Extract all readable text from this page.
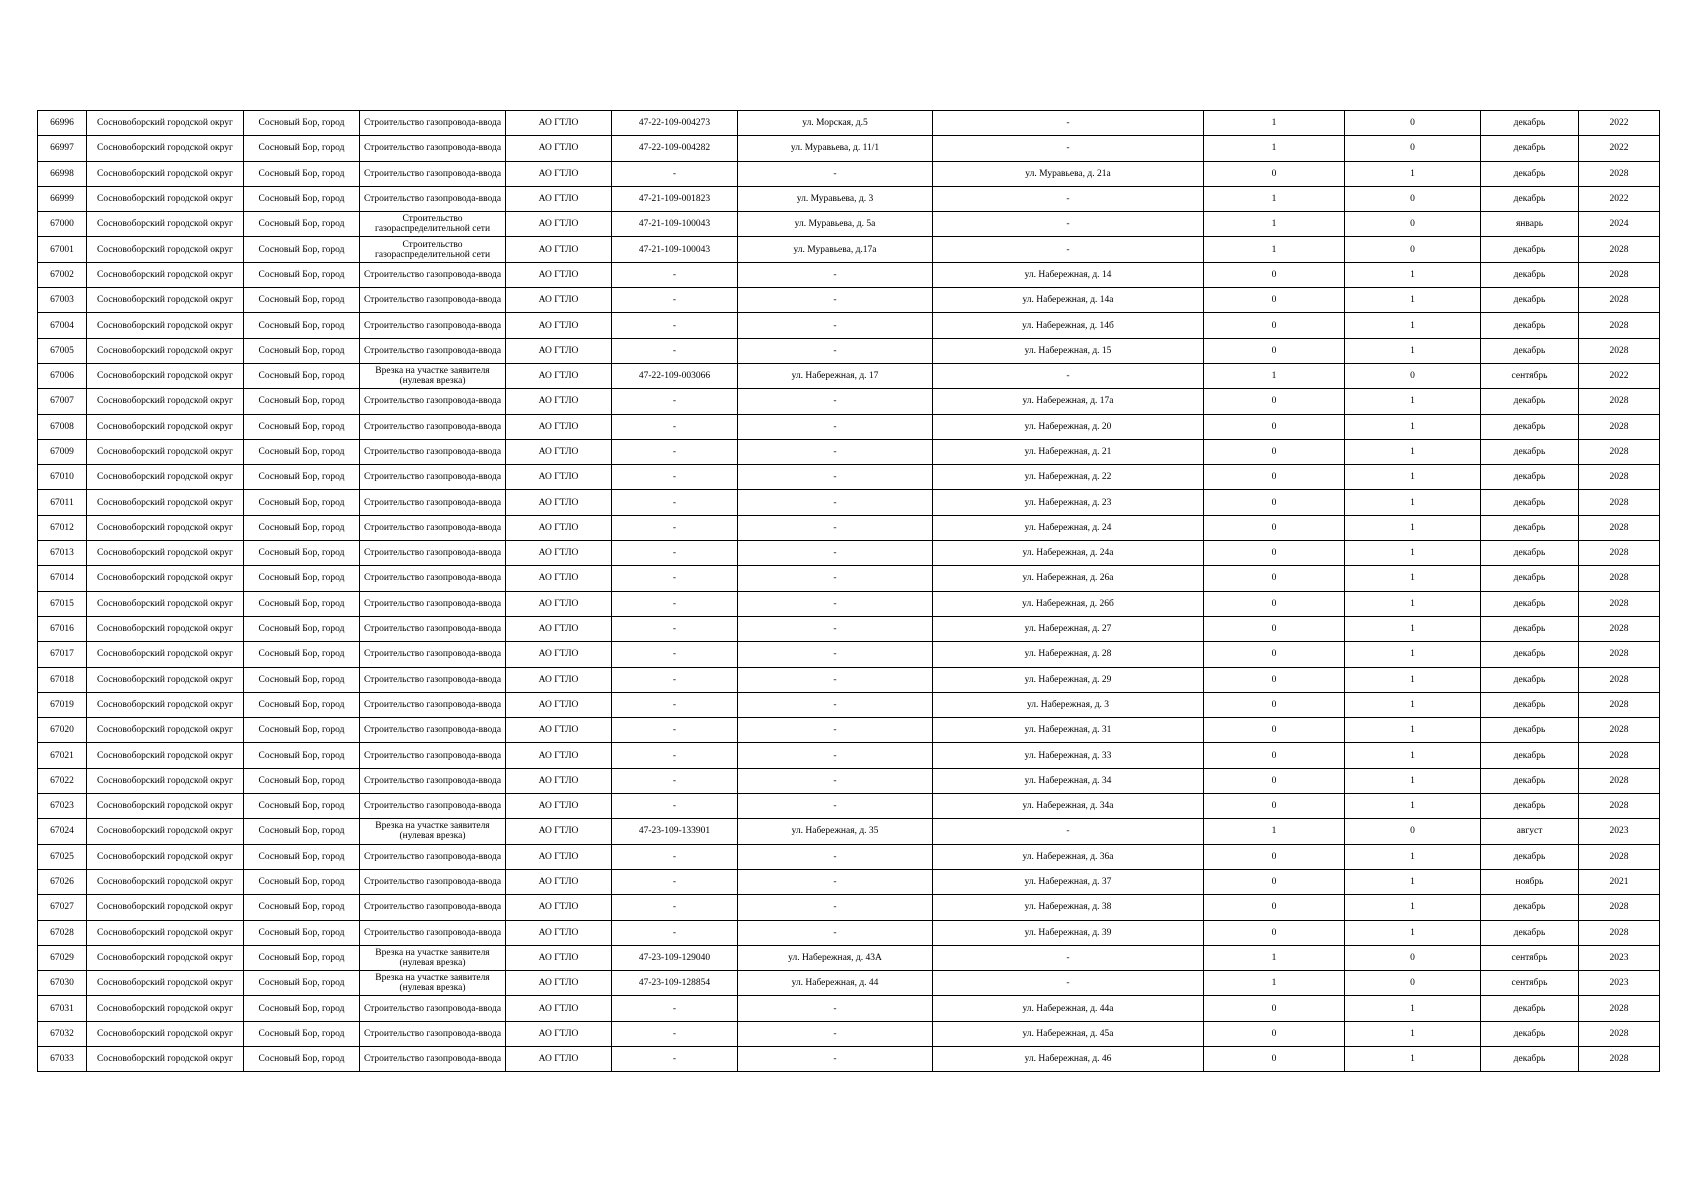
66996	Сосновоборский городской округ	Сосновый Бор, город	Строительство газопровода-ввода	АО ГТЛО	47-22-109-004273	ул. Морская, д.5	-	1	0	декабрь	2022
66997	Сосновоборский городской округ	Сосновый Бор, город	Строительство газопровода-ввода	АО ГТЛО	47-22-109-004282	ул. Муравьева, д. 11/1	-	1	0	декабрь	2022
66998	Сосновоборский городской округ	Сосновый Бор, город	Строительство газопровода-ввода	АО ГТЛО	-	-	ул. Муравьева, д. 21а	0	1	декабрь	2028
66999	Сосновоборский городской округ	Сосновый Бор, город	Строительство газопровода-ввода	АО ГТЛО	47-21-109-001823	ул. Муравьева, д. 3	-	1	0	декабрь	2022
67000	Сосновоборский городской округ	Сосновый Бор, город	Строительство газораспределительной сети	АО ГТЛО	47-21-109-100043	ул. Муравьева, д. 5а	-	1	0	январь	2024
67001	Сосновоборский городской округ	Сосновый Бор, город	Строительство газораспределительной сети	АО ГТЛО	47-21-109-100043	ул. Муравьева, д.17а	-	1	0	декабрь	2028
67002	Сосновоборский городской округ	Сосновый Бор, город	Строительство газопровода-ввода	АО ГТЛО	-	-	ул. Набережная, д. 14	0	1	декабрь	2028
67003	Сосновоборский городской округ	Сосновый Бор, город	Строительство газопровода-ввода	АО ГТЛО	-	-	ул. Набережная, д. 14а	0	1	декабрь	2028
67004	Сосновоборский городской округ	Сосновый Бор, город	Строительство газопровода-ввода	АО ГТЛО	-	-	ул. Набережная, д. 14б	0	1	декабрь	2028
67005	Сосновоборский городской округ	Сосновый Бор, город	Строительство газопровода-ввода	АО ГТЛО	-	-	ул. Набережная, д. 15	0	1	декабрь	2028
67006	Сосновоборский городской округ	Сосновый Бор, город	Врезка на участке заявителя (нулевая врезка)	АО ГТЛО	47-22-109-003066	ул. Набережная, д. 17	-	1	0	сентябрь	2022
67007	Сосновоборский городской округ	Сосновый Бор, город	Строительство газопровода-ввода	АО ГТЛО	-	-	ул. Набережная, д. 17а	0	1	декабрь	2028
67008	Сосновоборский городской округ	Сосновый Бор, город	Строительство газопровода-ввода	АО ГТЛО	-	-	ул. Набережная, д. 20	0	1	декабрь	2028
67009	Сосновоборский городской округ	Сосновый Бор, город	Строительство газопровода-ввода	АО ГТЛО	-	-	ул. Набережная, д. 21	0	1	декабрь	2028
67010	Сосновоборский городской округ	Сосновый Бор, город	Строительство газопровода-ввода	АО ГТЛО	-	-	ул. Набережная, д. 22	0	1	декабрь	2028
67011	Сосновоборский городской округ	Сосновый Бор, город	Строительство газопровода-ввода	АО ГТЛО	-	-	ул. Набережная, д. 23	0	1	декабрь	2028
67012	Сосновоборский городской округ	Сосновый Бор, город	Строительство газопровода-ввода	АО ГТЛО	-	-	ул. Набережная, д. 24	0	1	декабрь	2028
67013	Сосновоборский городской округ	Сосновый Бор, город	Строительство газопровода-ввода	АО ГТЛО	-	-	ул. Набережная, д. 24а	0	1	декабрь	2028
67014	Сосновоборский городской округ	Сосновый Бор, город	Строительство газопровода-ввода	АО ГТЛО	-	-	ул. Набережная, д. 26а	0	1	декабрь	2028
67015	Сосновоборский городской округ	Сосновый Бор, город	Строительство газопровода-ввода	АО ГТЛО	-	-	ул. Набережная, д. 26б	0	1	декабрь	2028
67016	Сосновоборский городской округ	Сосновый Бор, город	Строительство газопровода-ввода	АО ГТЛО	-	-	ул. Набережная, д. 27	0	1	декабрь	2028
67017	Сосновоборский городской округ	Сосновый Бор, город	Строительство газопровода-ввода	АО ГТЛО	-	-	ул. Набережная, д. 28	0	1	декабрь	2028
67018	Сосновоборский городской округ	Сосновый Бор, город	Строительство газопровода-ввода	АО ГТЛО	-	-	ул. Набережная, д. 29	0	1	декабрь	2028
67019	Сосновоборский городской округ	Сосновый Бор, город	Строительство газопровода-ввода	АО ГТЛО	-	-	ул. Набережная, д. 3	0	1	декабрь	2028
67020	Сосновоборский городской округ	Сосновый Бор, город	Строительство газопровода-ввода	АО ГТЛО	-	-	ул. Набережная, д. 31	0	1	декабрь	2028
67021	Сосновоборский городской округ	Сосновый Бор, город	Строительство газопровода-ввода	АО ГТЛО	-	-	ул. Набережная, д. 33	0	1	декабрь	2028
67022	Сосновоборский городской округ	Сосновый Бор, город	Строительство газопровода-ввода	АО ГТЛО	-	-	ул. Набережная, д. 34	0	1	декабрь	2028
67023	Сосновоборский городской округ	Сосновый Бор, город	Строительство газопровода-ввода	АО ГТЛО	-	-	ул. Набережная, д. 34а	0	1	декабрь	2028
67024	Сосновоборский городской округ	Сосновый Бор, город	Врезка на участке заявителя (нулевая врезка)	АО ГТЛО	47-23-109-133901	ул. Набережная, д. 35	-	1	0	август	2023
67025	Сосновоборский городской округ	Сосновый Бор, город	Строительство газопровода-ввода	АО ГТЛО	-	-	ул. Набережная, д. 36а	0	1	декабрь	2028
67026	Сосновоборский городской округ	Сосновый Бор, город	Строительство газопровода-ввода	АО ГТЛО	-	-	ул. Набережная, д. 37	0	1	ноябрь	2021
67027	Сосновоборский городской округ	Сосновый Бор, город	Строительство газопровода-ввода	АО ГТЛО	-	-	ул. Набережная, д. 38	0	1	декабрь	2028
67028	Сосновоборский городской округ	Сосновый Бор, город	Строительство газопровода-ввода	АО ГТЛО	-	-	ул. Набережная, д. 39	0	1	декабрь	2028
67029	Сосновоборский городской округ	Сосновый Бор, город	Врезка на участке заявителя (нулевая врезка)	АО ГТЛО	47-23-109-129040	ул. Набережная, д. 43А	-	1	0	сентябрь	2023
67030	Сосновоборский городской округ	Сосновый Бор, город	Врезка на участке заявителя (нулевая врезка)	АО ГТЛО	47-23-109-128854	ул. Набережная, д. 44	-	1	0	сентябрь	2023
67031	Сосновоборский городской округ	Сосновый Бор, город	Строительство газопровода-ввода	АО ГТЛО	-	-	ул. Набережная, д. 44а	0	1	декабрь	2028
67032	Сосновоборский городской округ	Сосновый Бор, город	Строительство газопровода-ввода	АО ГТЛО	-	-	ул. Набережная, д. 45а	0	1	декабрь	2028
67033	Сосновоборский городской округ	Сосновый Бор, город	Строительство газопровода-ввода	АО ГТЛО	-	-	ул. Набережная, д. 46	0	1	декабрь	2028
